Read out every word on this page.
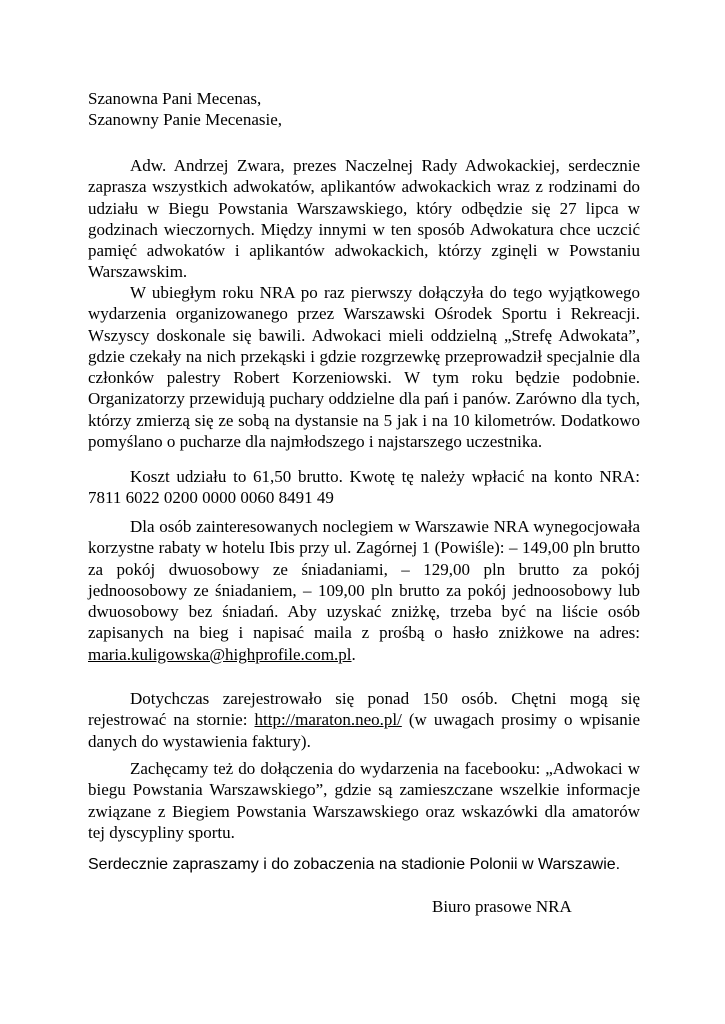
Szanowna Pani Mecenas,
Szanowny Panie Mecenasie,

Adw. Andrzej Zwara, prezes Naczelnej Rady Adwokackiej, serdecznie zaprasza wszystkich adwokatów, aplikantów adwokackich wraz z rodzinami do udziału w Biegu Powstania Warszawskiego, który odbędzie się 27 lipca w godzinach wieczornych. Między innymi w ten sposób Adwokatura chce uczcić pamięć adwokatów i aplikantów adwokackich, którzy zginęli w Powstaniu Warszawskim.

W ubiegłym roku NRA po raz pierwszy dołączyła do tego wyjątkowego wydarzenia organizowanego przez Warszawski Ośrodek Sportu i Rekreacji. Wszyscy doskonale się bawili. Adwokaci mieli oddzielną „Strefę Adwokata”, gdzie czekały na nich przekąski i gdzie rozgrzewkę przeprowadził specjalnie dla członków palestry Robert Korzeniowski. W tym roku będzie podobnie. Organizatorzy przewidują puchary oddzielne dla pań i panów. Zarówno dla tych, którzy zmierzą się ze sobą na dystansie na 5 jak i na 10 kilometrów. Dodatkowo pomyślano o pucharze dla najmłodszego i najstarszego uczestnika.

Koszt udziału to 61,50 brutto. Kwotę tę należy wpłacić na konto NRA: 7811 6022 0200 0000 0060 8491 49

Dla osób zainteresowanych noclegiem w Warszawie NRA wynegocjowała korzystne rabaty w hotelu Ibis przy ul. Zagórnej 1 (Powiśle): – 149,00 pln brutto za pokój dwuosobowy ze śniadaniami, – 129,00 pln brutto za pokój jednoosobowy ze śniadaniem, – 109,00 pln brutto za pokój jednoosobowy lub dwuosobowy bez śniadań. Aby uzyskać zniżkę, trzeba być na liście osób zapisanych na bieg i napisać maila z prośbą o hasło zniżkowe na adres: maria.kuligowska@highprofile.com.pl.

Dotychczas zarejestrowało się ponad 150 osób. Chętni mogą się rejestrować na stornie: http://maraton.neo.pl/ (w uwagach prosimy o wpisanie danych do wystawienia faktury).

Zachęcamy też do dołączenia do wydarzenia na facebooku: „Adwokaci w biegu Powstania Warszawskiego”, gdzie są zamieszczane wszelkie informacje związane z Biegiem Powstania Warszawskiego oraz wskazówki dla amatorów tej dyscypliny sportu.

Serdecznie zapraszamy i do zobaczenia na stadionie Polonii w Warszawie.

Biuro prasowe NRA
